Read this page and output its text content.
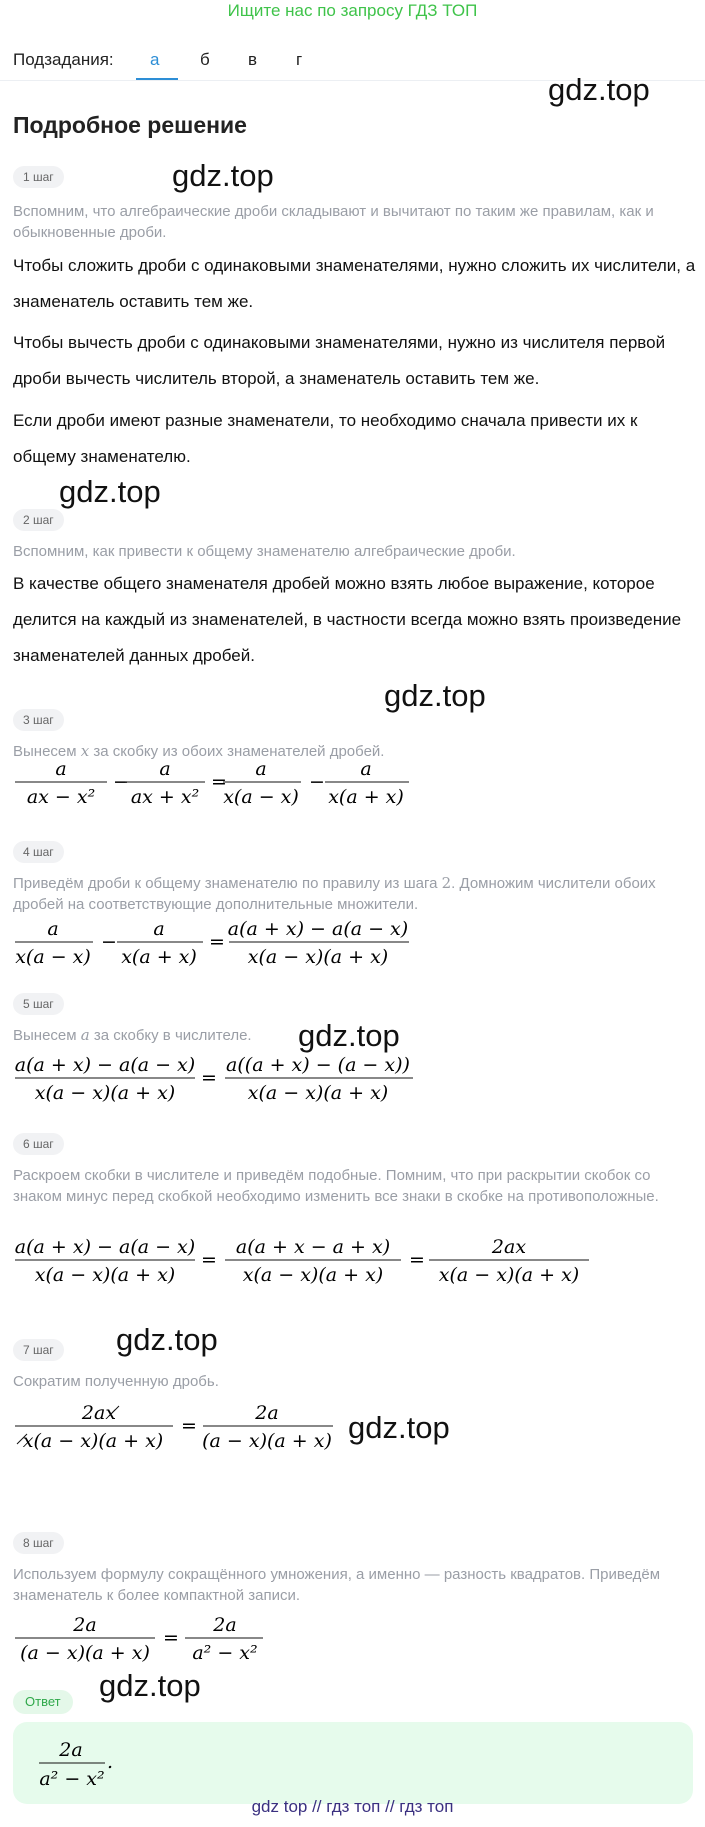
Ищите нас по запросу ГДЗ ТОП
Подзадания: а б в г
gdz.top
gdz.top
gdz.top
gdz.top
gdz.top
gdz.top
gdz.top
gdz.top
Подробное решение
1 шаг
Вспомним, что алгебраические дроби складывают и вычитают по таким же правилам, как и обыкновенные дроби.
Чтобы сложить дроби с одинаковыми знаменателями, нужно сложить их числители, а знаменатель оставить тем же.
Чтобы вычесть дроби с одинаковыми знаменателями, нужно из числителя первой дроби вычесть числитель второй, а знаменатель оставить тем же.
Если дроби имеют разные знаменатели, то необходимо сначала привести их к общему знаменателю.
2 шаг
Вспомним, как привести к общему знаменателю алгебраические дроби.
В качестве общего знаменателя дробей можно взять любое выражение, которое делится на каждый из знаменателей, в частности всегда можно взять произведение знаменателей данных дробей.
3 шаг
Вынесем x за скобку из обоих знаменателей дробей.
a
ax − x²
−
a
ax + x²
=
a
x(a − x)
−
a
x(a + x)
4 шаг
Приведём дроби к общему знаменателю по правилу из шага 2. Домножим числители обоих дробей на соответствующие дополнительные множители.
a
x(a − x)
−
a
x(a + x)
=
a(a + x) − a(a − x)
x(a − x)(a + x)
5 шаг
Вынесем a за скобку в числителе.
a(a + x) − a(a − x)
x(a − x)(a + x)
=
a((a + x) − (a − x))
x(a − x)(a + x)
6 шаг
Раскроем скобки в числителе и приведём подобные. Помним, что при раскрытии скобок со знаком минус перед скобкой необходимо изменить все знаки в скобке на противоположные.
a(a + x) − a(a − x)
x(a − x)(a + x)
=
a(a + x − a + x)
x(a − x)(a + x)
=
2ax
x(a − x)(a + x)
7 шаг
Сократим полученную дробь.
2ax
x(a − x)(a + x)
=
2a
(a − x)(a + x)
8 шаг
Используем формулу сокращённого умножения, а именно — разность квадратов. Приведём знаменатель к более компактной записи.
2a
(a − x)(a + x)
=
2a
a² − x²
Ответ
2a
a² − x²
.
gdz top // гдз топ // гдз топ
